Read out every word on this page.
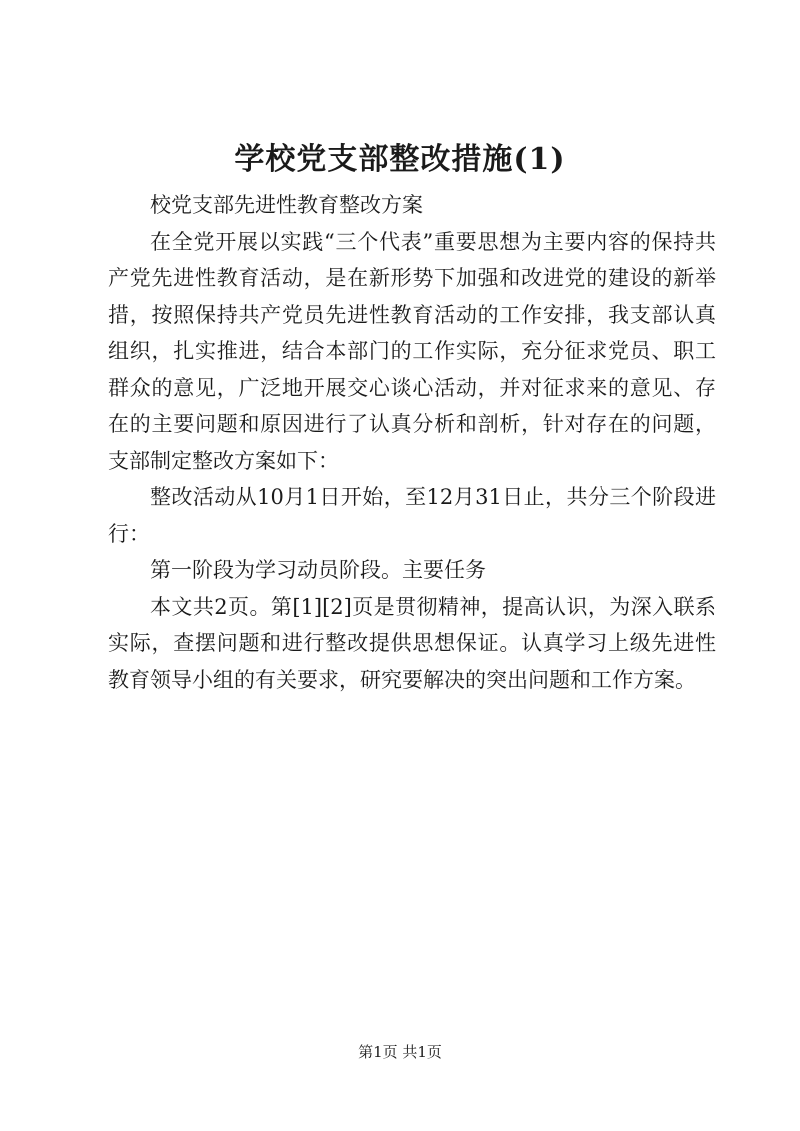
学校党支部整改措施(1)

校党支部先进性教育整改方案

在全党开展以实践“三个代表”重要思想为主要内容的保持共产党先进性教育活动，是在新形势下加强和改进党的建设的新举措，按照保持共产党员先进性教育活动的工作安排，我支部认真组织，扎实推进，结合本部门的工作实际，充分征求党员、职工群众的意见，广泛地开展交心谈心活动，并对征求来的意见、存在的主要问题和原因进行了认真分析和剖析，针对存在的问题，支部制定整改方案如下：

整改活动从10月1日开始，至12月31日止，共分三个阶段进行：

第一阶段为学习动员阶段。主要任务

本文共2页。第[1][2]页是贯彻精神，提高认识，为深入联系实际，查摆问题和进行整改提供思想保证。认真学习上级先进性教育领导小组的有关要求，研究要解决的突出问题和工作方案。

第1页 共1页
